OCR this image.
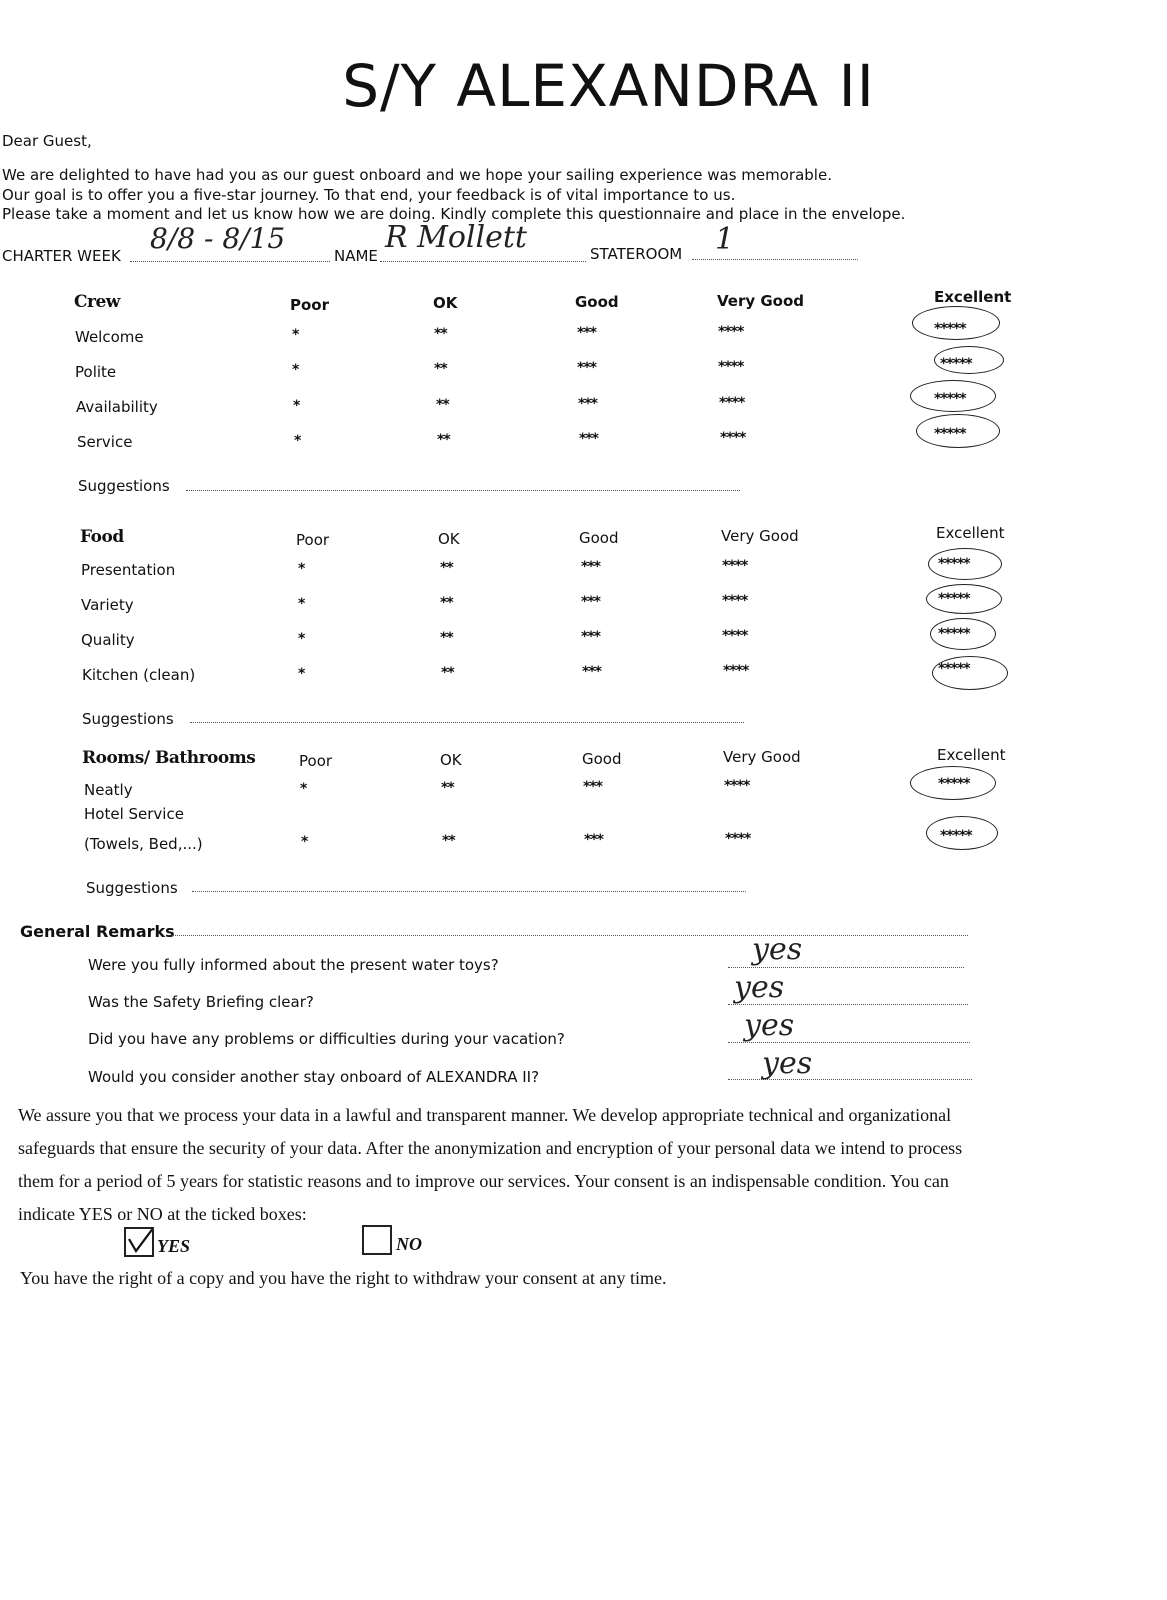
S/Y ALEXANDRA II
Dear Guest,
We are delighted to have had you as our guest onboard and we hope your sailing experience was memorable.
Our goal is to offer you a five-star journey. To that end, your feedback is of vital importance to us.
Please take a moment and let us know how we are doing. Kindly complete this questionnaire and place in the envelope.
CHARTER WEEK
8/8 - 8/15
NAME
R Mollett	STATEROOM 1
Crew	Poor	OK	Good	Very Good	Excellent
Welcome	*	**	***	****	*****
Polite	*	**	***	****	*****
Availability	*	**	***	****	*****
Service	*	**	***	****	*****
Suggestions
Food	Poor	OK	Good	Very Good	Excellent
Presentation	*	**	***	****	*****
Variety	*	**	***	****	*****
Quality	*	**	***	****	*****
Kitchen (clean)	*	**	***	****	*****
Suggestions
Rooms/ Bathrooms	Poor	OK	Good	Very Good	Excellent
Neatly	*	**	***	****	*****
Hotel Service
(Towels, Bed,...)	*	**	***	****	*****
Suggestions
General Remarks
Were you fully informed about the present water toys?	yes
Was the Safety Briefing clear?	yes
Did you have any problems or difficulties during your vacation?	yes
Would you consider another stay onboard of ALEXANDRA II?	yes
We assure you that we process your data in a lawful and transparent manner. We develop appropriate technical and organizational
safeguards that ensure the security of your data. After the anonymization and encryption of your personal data we intend to process
them for a period of 5 years for statistic reasons and to improve our services. Your consent is an indispensable condition. You can
indicate YES or NO at the ticked boxes:
YES	NO
You have the right of a copy and you have the right to withdraw your consent at any time.
